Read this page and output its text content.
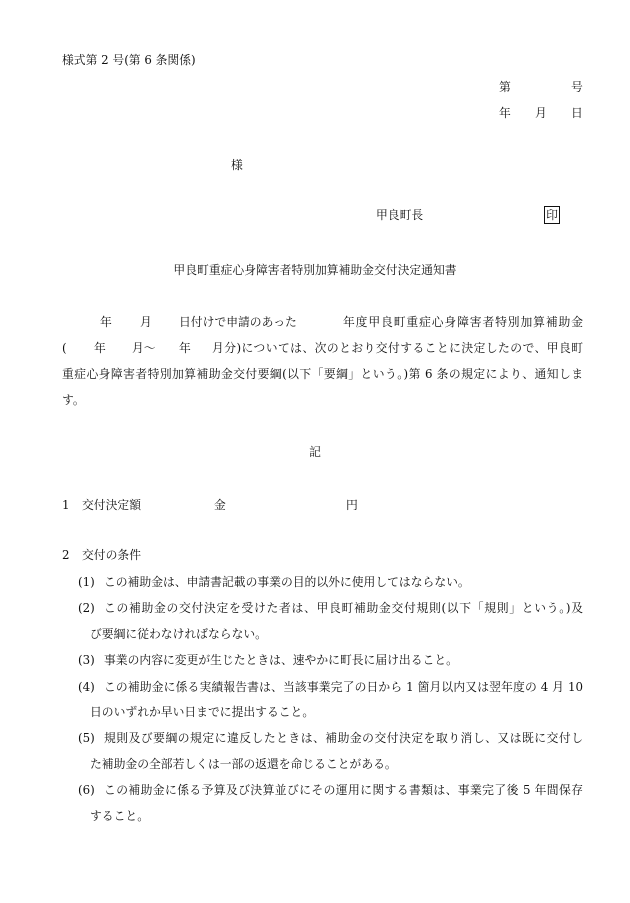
様式第 2 号(第 6 条関係)
第	号
年 月 日
様
甲良町長	印
甲良町重症心身障害者特別加算補助金交付決定通知書
年 月 日付けで申請のあった	年度甲良町重症心身障害者特別加算補助金
( 年 月～ 年 月分)については、次のとおり交付することに決定したので、甲良町
重症心身障害者特別加算補助金交付要綱(以下「要綱」という。)第 6 条の規定により、通知しま
す。
記
1 交付決定額	金	円
2 交付の条件
(1) この補助金は、申請書記載の事業の目的以外に使用してはならない。
(2) この補助金の交付決定を受けた者は、甲良町補助金交付規則(以下「規則」という。)及
び要綱に従わなければならない。
(3) 事業の内容に変更が生じたときは、速やかに町長に届け出ること。
(4) この補助金に係る実績報告書は、当該事業完了の日から 1 箇月以内又は翌年度の 4 月 10
日のいずれか早い日までに提出すること。
(5) 規則及び要綱の規定に違反したときは、補助金の交付決定を取り消し、又は既に交付し
た補助金の全部若しくは一部の返還を命じることがある。
(6) この補助金に係る予算及び決算並びにその運用に関する書類は、事業完了後 5 年間保存
すること。
